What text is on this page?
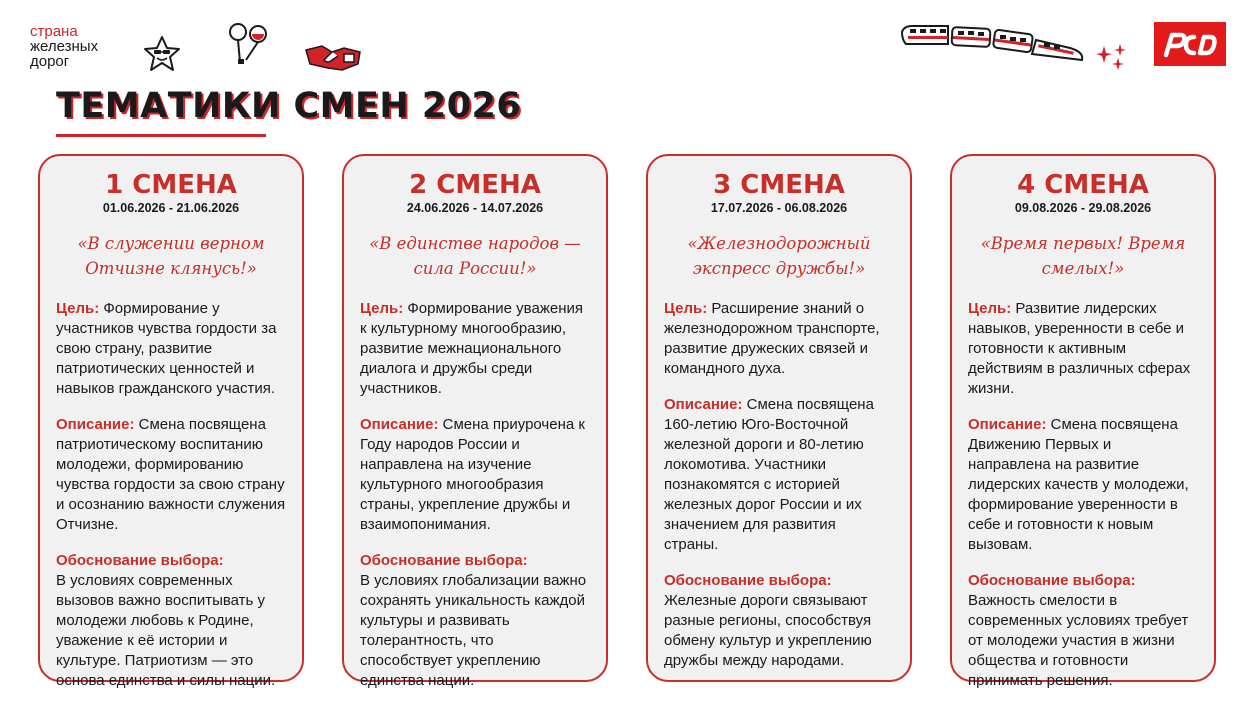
страна
железных
дорог
ТЕМАТИКИ СМЕН 2026
1 СМЕНА
01.06.2026 - 21.06.2026
«В служении верном Отчизне клянусь!»
Цель: Формирование у участников чувства гордости за свою страну, развитие патриотических ценностей и навыков гражданского участия.
Описание: Смена посвящена патриотическому воспитанию молодежи, формированию чувства гордости за свою страну и осознанию важности служения Отчизне.
Обоснование выбора:
В условиях современных вызовов важно воспитывать у молодежи любовь к Родине, уважение к её истории и культуре. Патриотизм — это основа единства и силы нации.
2 СМЕНА
24.06.2026 - 14.07.2026
«В единстве народов — сила России!»
Цель: Формирование уважения к культурному многообразию, развитие межнационального диалога и дружбы среди участников.
Описание: Смена приурочена к Году народов России и направлена на изучение культурного многообразия страны, укрепление дружбы и взаимопонимания.
Обоснование выбора:
В условиях глобализации важно сохранять уникальность каждой культуры и развивать толерантность, что способствует укреплению единства нации.
3 СМЕНА
17.07.2026 - 06.08.2026
«Железнодорожный экспресс дружбы!»
Цель: Расширение знаний о железнодорожном транспорте, развитие дружеских связей и командного духа.
Описание: Смена посвящена 160-летию Юго-Восточной железной дороги и 80-летию локомотива. Участники познакомятся с историей железных дорог России и их значением для развития страны.
Обоснование выбора:
Железные дороги связывают разные регионы, способствуя обмену культур и укреплению дружбы между народами.
4 СМЕНА
09.08.2026 - 29.08.2026
«Время первых! Время смелых!»
Цель: Развитие лидерских навыков, уверенности в себе и готовности к активным действиям в различных сферах жизни.
Описание: Смена посвящена Движению Первых и направлена на развитие лидерских качеств у молодежи, формирование уверенности в себе и готовности к новым вызовам.
Обоснование выбора:
Важность смелости в современных условиях требует от молодежи участия в жизни общества и готовности принимать решения.
